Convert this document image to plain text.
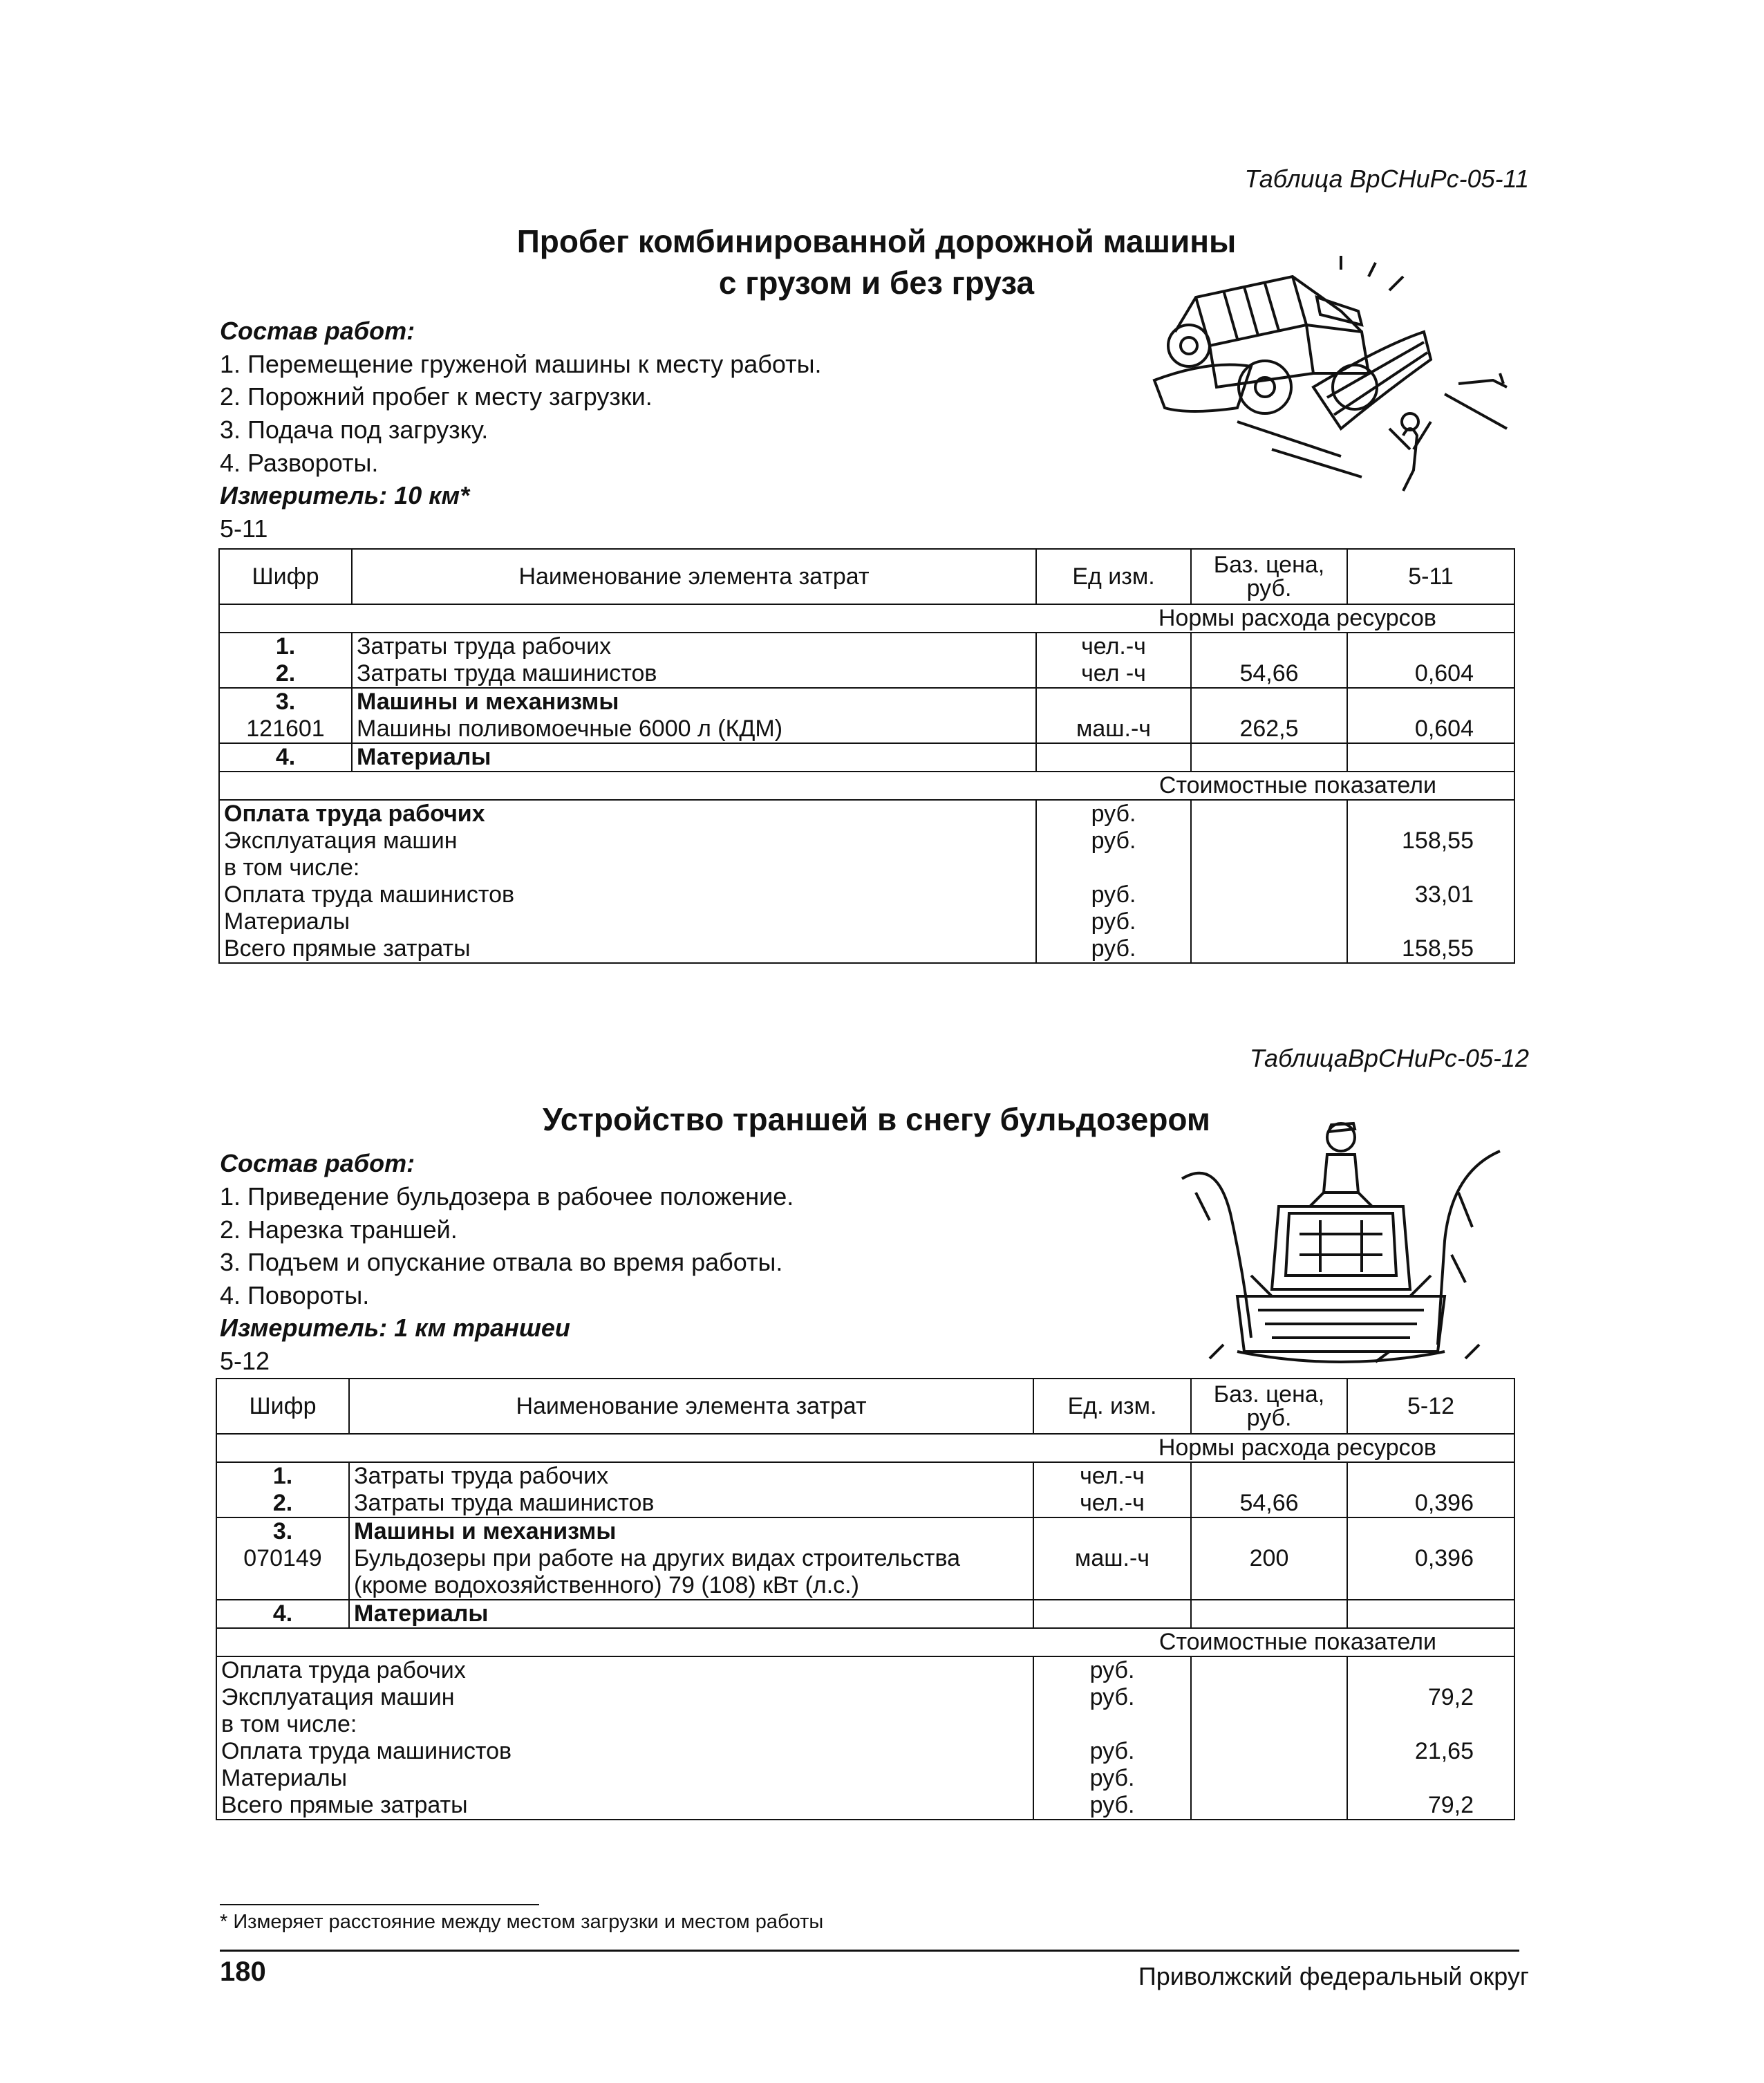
Таблица ВрСНиРс-05-11
Пробег комбинированной дорожной машины
с грузом и без груза
Состав работ:
1. Перемещение груженой машины к месту работы.
2. Порожний пробег к месту загрузки.
3. Подача под загрузку.
4. Развороты.
Измеритель: 10 км*
5-11
Шифр	Наименование элемента затрат	Ед изм.	Баз. цена, руб.	5-11
Нормы расхода ресурсов				
1.	Затраты труда рабочих	чел.-ч		
2.	Затраты труда машинистов	чел -ч	54,66	0,604
3.	Машины и механизмы			
121601	Машины поливомоечные 6000 л (КДМ)	маш.-ч	262,5	0,604
4.	Материалы			
Стоимостные показатели				
Оплата труда рабочих		руб.		
Эксплуатация машин		руб.		158,55
в том числе:				
Оплата труда машинистов		руб.		33,01
Материалы		руб.		
Всего прямые затраты		руб.		158,55
ТаблицаВрСНиРс-05-12
Устройство траншей в снегу бульдозером
Состав работ:
1. Приведение бульдозера в рабочее положение.
2. Нарезка траншей.
3. Подъем и опускание отвала во время работы.
4. Повороты.
Измеритель: 1 км траншеи
5-12
Шифр	Наименование элемента затрат	Ед. изм.	Баз. цена, руб.	5-12
Нормы расхода ресурсов				
1.	Затраты труда рабочих	чел.-ч		
2.	Затраты труда машинистов	чел.-ч	54,66	0,396
3.	Машины и механизмы			
070149	Бульдозеры при работе на других видах строительства (кроме водохозяйственного) 79 (108) кВт (л.с.)	маш.-ч	200	0,396
4.	Материалы			
Стоимостные показатели				
Оплата труда рабочих		руб.		
Эксплуатация машин		руб.		79,2
в том числе:				
Оплата труда машинистов		руб.		21,65
Материалы		руб.		
Всего прямые затраты		руб.		79,2
* Измеряет расстояние между местом загрузки и местом работы
180	Приволжский федеральный округ
